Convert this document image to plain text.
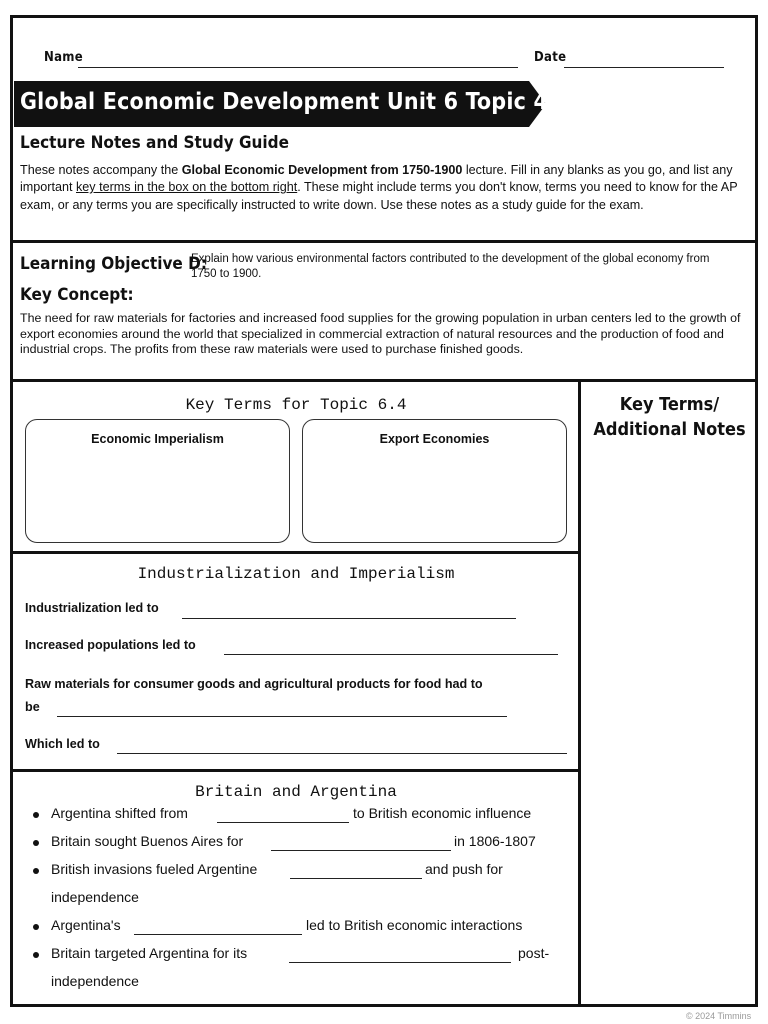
Name	Date
Global Economic Development Unit 6 Topic 4
Lecture Notes and Study Guide
These notes accompany the Global Economic Development from 1750-1900 lecture. Fill in any blanks as you go, and list any important key terms in the box on the bottom right. These might include terms you don't know, terms you need to know for the AP exam, or any terms you are specifically instructed to write down. Use these notes as a study guide for the exam.
Learning Objective D:
Explain how various environmental factors contributed to the development of the global economy from 1750 to 1900.
Key Concept:
The need for raw materials for factories and increased food supplies for the growing population in urban centers led to the growth of export economies around the world that specialized in commercial extraction of natural resources and the production of food and industrial crops. The profits from these raw materials were used to purchase finished goods.
Key Terms for Topic 6.4
Economic Imperialism	Export Economies
Industrialization and Imperialism
Industrialization led to
Increased populations led to
Raw materials for consumer goods and agricultural products for food had to
be
Which led to
Britain and Argentina
Argentina shifted from	to British economic influence
Britain sought Buenos Aires for	in 1806-1807
British invasions fueled Argentine	and push for
independence
Argentina's	led to British economic interactions
Britain targeted Argentina for its	post-
independence
Key Terms/
Additional Notes
© 2024 Timmins
